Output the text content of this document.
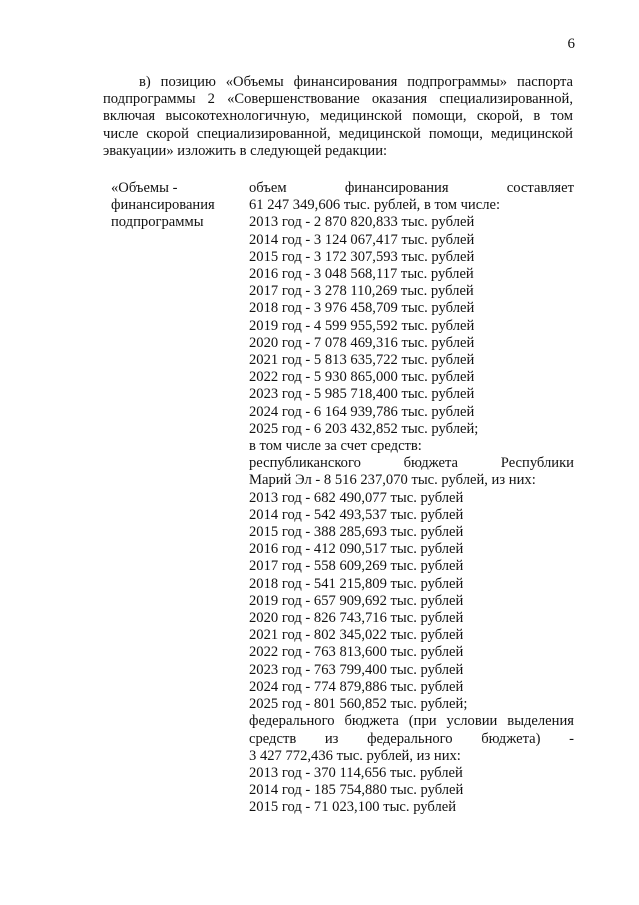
6
в) позицию «Объемы финансирования подпрограммы» паспорта
подпрограммы 2 «Совершенствование оказания специализированной,
включая высокотехнологичную, медицинской помощи, скорой, в том
числе скорой специализированной, медицинской помощи, медицинской
эвакуации» изложить в следующей редакции:
«Объемы -
финансирования
подпрограммы
объем финансирования составляет
61 247 349,606 тыс. рублей, в том числе:
2013 год - 2 870 820,833 тыс. рублей
2014 год - 3 124 067,417 тыс. рублей
2015 год - 3 172 307,593 тыс. рублей
2016 год - 3 048 568,117 тыс. рублей
2017 год - 3 278 110,269 тыс. рублей
2018 год - 3 976 458,709 тыс. рублей
2019 год - 4 599 955,592 тыс. рублей
2020 год - 7 078 469,316 тыс. рублей
2021 год - 5 813 635,722 тыс. рублей
2022 год - 5 930 865,000 тыс. рублей
2023 год - 5 985 718,400 тыс. рублей
2024 год - 6 164 939,786 тыс. рублей
2025 год - 6 203 432,852 тыс. рублей;
в том числе за счет средств:
республиканского бюджета Республики
Марий Эл - 8 516 237,070 тыс. рублей, из них:
2013 год - 682 490,077 тыс. рублей
2014 год - 542 493,537 тыс. рублей
2015 год - 388 285,693 тыс. рублей
2016 год - 412 090,517 тыс. рублей
2017 год - 558 609,269 тыс. рублей
2018 год - 541 215,809 тыс. рублей
2019 год - 657 909,692 тыс. рублей
2020 год - 826 743,716 тыс. рублей
2021 год - 802 345,022 тыс. рублей
2022 год - 763 813,600 тыс. рублей
2023 год - 763 799,400 тыс. рублей
2024 год - 774 879,886 тыс. рублей
2025 год - 801 560,852 тыс. рублей;
федерального бюджета (при условии выделения
средств из федерального бюджета) -
3 427 772,436 тыс. рублей, из них:
2013 год - 370 114,656 тыс. рублей
2014 год - 185 754,880 тыс. рублей
2015 год - 71 023,100 тыс. рублей
